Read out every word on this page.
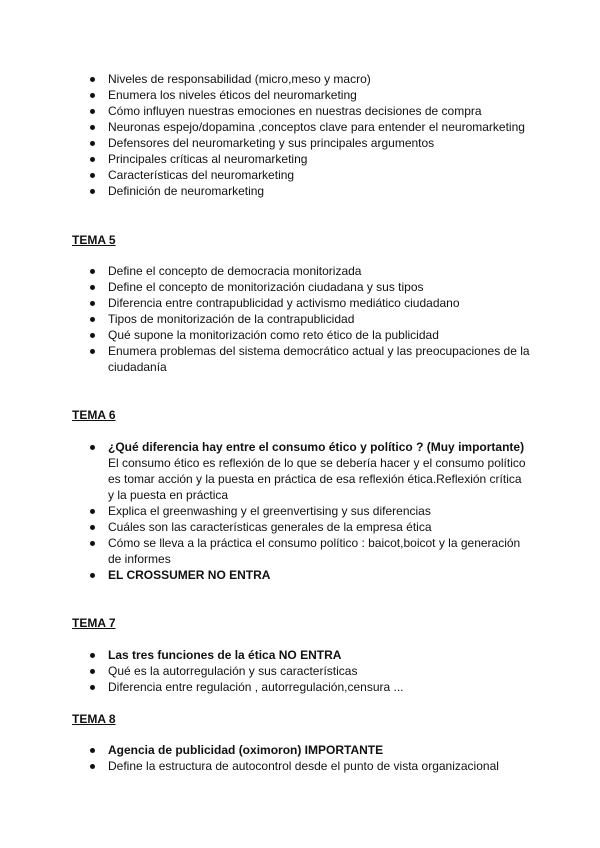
Niveles de responsabilidad (micro,meso y macro)
Enumera los niveles éticos del neuromarketing
Cómo influyen nuestras emociones en nuestras decisiones de compra
Neuronas espejo/dopamina ,conceptos clave para entender el neuromarketing
Defensores del neuromarketing y sus principales argumentos
Principales críticas al neuromarketing
Características del neuromarketing
Definición de neuromarketing
TEMA 5
Define el concepto de democracia monitorizada
Define el concepto de monitorización ciudadana y sus tipos
Diferencia entre contrapublicidad y activismo mediático ciudadano
Tipos de monitorización de la contrapublicidad
Qué supone la monitorización como reto ético de la publicidad
Enumera problemas del sistema democrático actual y las preocupaciones de la ciudadanía
TEMA 6
¿Qué diferencia hay entre el consumo ético y político ? (Muy importante)
El consumo ético es reflexión de lo que se debería hacer y el consumo político es tomar acción y la puesta en práctica de esa reflexión ética.Reflexión crítica y la puesta en práctica
Explica el greenwashing y el greenvertising y sus diferencias
Cuáles son las características generales de la empresa ética
Cómo se lleva a la práctica el consumo político : baicot,boicot y la generación de informes
EL CROSSUMER NO ENTRA
TEMA 7
Las tres funciones de la ética NO ENTRA
Qué es la autorregulación y sus características
Diferencia entre regulación , autorregulación,censura ...
TEMA 8
Agencia de publicidad (oximoron) IMPORTANTE
Define la estructura de autocontrol desde el punto de vista organizacional
